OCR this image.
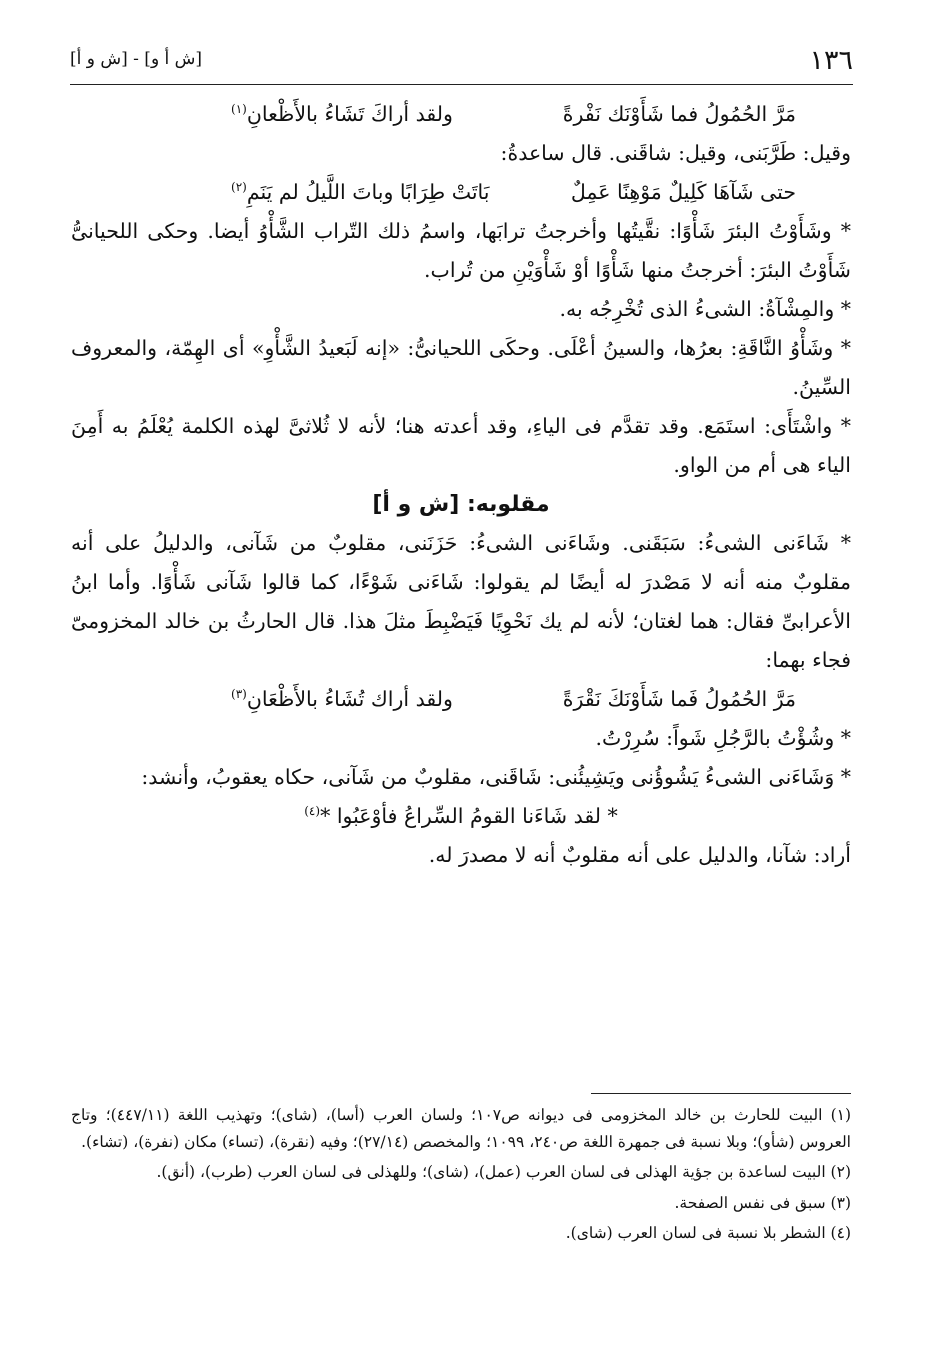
١٣٦
[ش أ و] - [ش و أ]

مَرَّ الحُمُولُ فما شَأَوْنَك نَفْرةً
ولقد أراكَ تَشَاءُ بالأَظْعانِ$^{(١)}$

وقيل: طَرَّبَنى، وقيل: شاقَنى. قال ساعدةُ:

حتى شَآهَا كَلِيلٌ مَوْهِنًا عَمِلٌ
بَاتَتْ طِرَابًا وباتَ اللَّيلُ لم يَنَمِ$^{(٢)}$

* وشَأَوْتُ البئرَ شَأْوًا: نقَّيتُها وأخرجتُ ترابَها، واسمُ ذلك التّراب الشَّأْوُ أيضا. وحكى اللحيانىُّ شَأَوْتُ البئرَ: أخرجتُ منها شَأْوًا أوْ شَأْوَيْنِ من تُراب.

* والمِشْآةُ: الشىءُ الذى تُخْرِجُه به.

* وشَأْوُ النَّاقَةِ: بعرُها، والسينُ أعْلَى. وحكَى اللحيانىُّ: «إنه لَبَعيدُ الشَّأْوِ» أى الهِمّة، والمعروف السِّينُ.

* واشْتَأَى: استَمَع. وقد تقدَّم فى الياءِ، وقد أعدته هنا؛ لأنه لا ثُلاثىَّ لهذه الكلمة يُعْلَمُ به أَمِنَ الياء هى أم من الواو.

مقلوبه: [ش و أ]

* شَاءَنى الشىءُ: سَبَقَنى. وشَاءَنى الشىءُ: حَزَنَنى، مقلوبٌ من شَآنى، والدليلُ على أنه مقلوبٌ منه أنه لا مَصْدرَ له أيضًا لم يقولوا: شَاءَنى شَوْءًا، كما قالوا شَآنى شَأْوًا. وأما ابنُ الأعرابىِّ فقال: هما لغتان؛ لأنه لم يك نَحْوِيًا فَيَضْبِطَ مثلَ هذا. قال الحارثُ بن خالد المخزومىّ فجاء بهما:

مَرَّ الحُمُولُ فَما شَأَوْنَكَ نَقْرَةً
ولقد أراك تُشَاءُ بالأَظْعَانِ$^{(٣)}$

* وشُؤْتُ بالرَّجُلِ شَواً: سُرِرْتُ.

* وَشَاءَنى الشىءُ يَشُوؤُنى ويَشِيئُنى: شَاقَنى، مقلوبٌ من شَآنى، حكاه يعقوبُ، وأنشد:

* لقد شَاءَنا القومُ السِّراعُ فأوْعَبُوا *$^{(٤)}$

أراد: شآنا، والدليل على أنه مقلوبٌ أنه لا مصدرَ له.

(١) البيت للحارث بن خالد المخزومى فى ديوانه ص١٠٧؛ ولسان العرب (أسا)، (شاى)؛ وتهذيب اللغة (٤٤٧/١١)؛ وتاج العروس (شأو)؛ وبلا نسبة فى جمهرة اللغة ص٢٤٠، ١٠٩٩؛ والمخصص (٢٧/١٤)؛ وفيه (نقرة)، (تساء) مكان (نفرة)، (تشاء).

(٢) البيت لساعدة بن جؤية الهذلى فى لسان العرب (عمل)، (شاى)؛ وللهذلى فى لسان العرب (طرب)، (أنق).

(٣) سبق فى نفس الصفحة.

(٤) الشطر بلا نسبة فى لسان العرب (شاى).
